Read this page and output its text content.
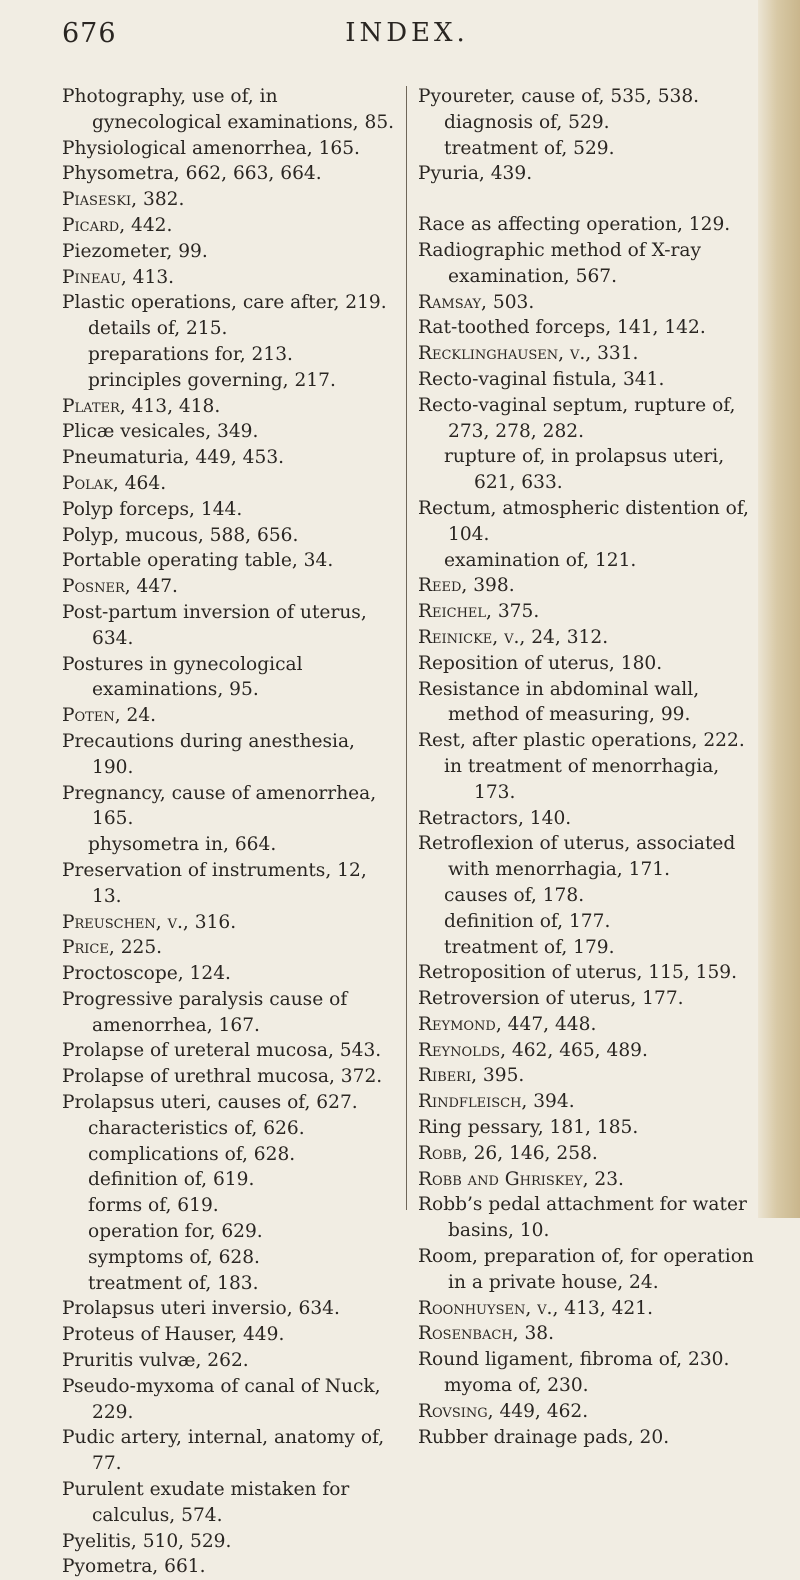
676	INDEX.

Photography, use of, in gynecological examinations, 85.

Physiological amenorrhea, 165.

Physometra, 662, 663, 664.

Piaseski, 382.

Picard, 442.

Piezometer, 99.

Pineau, 413.

Plastic operations, care after, 219.

details of, 215.

preparations for, 213.

principles governing, 217.

Plater, 413, 418.

Plicæ vesicales, 349.

Pneumaturia, 449, 453.

Polak, 464.

Polyp forceps, 144.

Polyp, mucous, 588, 656.

Portable operating table, 34.

Posner, 447.

Post-partum inversion of uterus, 634.

Postures in gynecological examinations, 95.

Poten, 24.

Precautions during anesthesia, 190.

Pregnancy, cause of amenorrhea, 165.

physometra in, 664.

Preservation of instruments, 12, 13.

Preuschen, v., 316.

Price, 225.

Proctoscope, 124.

Progressive paralysis cause of amenorrhea, 167.

Prolapse of ureteral mucosa, 543.

Prolapse of urethral mucosa, 372.

Prolapsus uteri, causes of, 627.

characteristics of, 626.

complications of, 628.

definition of, 619.

forms of, 619.

operation for, 629.

symptoms of, 628.

treatment of, 183.

Prolapsus uteri inversio, 634.

Proteus of Hauser, 449.

Pruritis vulvæ, 262.

Pseudo-myxoma of canal of Nuck, 229.

Pudic artery, internal, anatomy of, 77.

Purulent exudate mistaken for calculus, 574.

Pyelitis, 510, 529.

Pyometra, 661.

Pyoureter, cause of, 535, 538.

diagnosis of, 529.

treatment of, 529.

Pyuria, 439.

Race as affecting operation, 129.

Radiographic method of X-ray examination, 567.

Ramsay, 503.

Rat-toothed forceps, 141, 142.

Recklinghausen, v., 331.

Recto-vaginal fistula, 341.

Recto-vaginal septum, rupture of, 273, 278, 282.

rupture of, in prolapsus uteri, 621, 633.

Rectum, atmospheric distention of, 104.

examination of, 121.

Reed, 398.

Reichel, 375.

Reinicke, v., 24, 312.

Reposition of uterus, 180.

Resistance in abdominal wall, method of measuring, 99.

Rest, after plastic operations, 222.

in treatment of menorrhagia, 173.

Retractors, 140.

Retroflexion of uterus, associated with menorrhagia, 171.

causes of, 178.

definition of, 177.

treatment of, 179.

Retroposition of uterus, 115, 159.

Retroversion of uterus, 177.

Reymond, 447, 448.

Reynolds, 462, 465, 489.

Riberi, 395.

Rindfleisch, 394.

Ring pessary, 181, 185.

Robb, 26, 146, 258.

Robb and Ghriskey, 23.

Robb’s pedal attachment for water basins, 10.

Room, preparation of, for operation in a private house, 24.

Roonhuysen, v., 413, 421.

Rosenbach, 38.

Round ligament, fibroma of, 230.

myoma of, 230.

Rovsing, 449, 462.

Rubber drainage pads, 20.
